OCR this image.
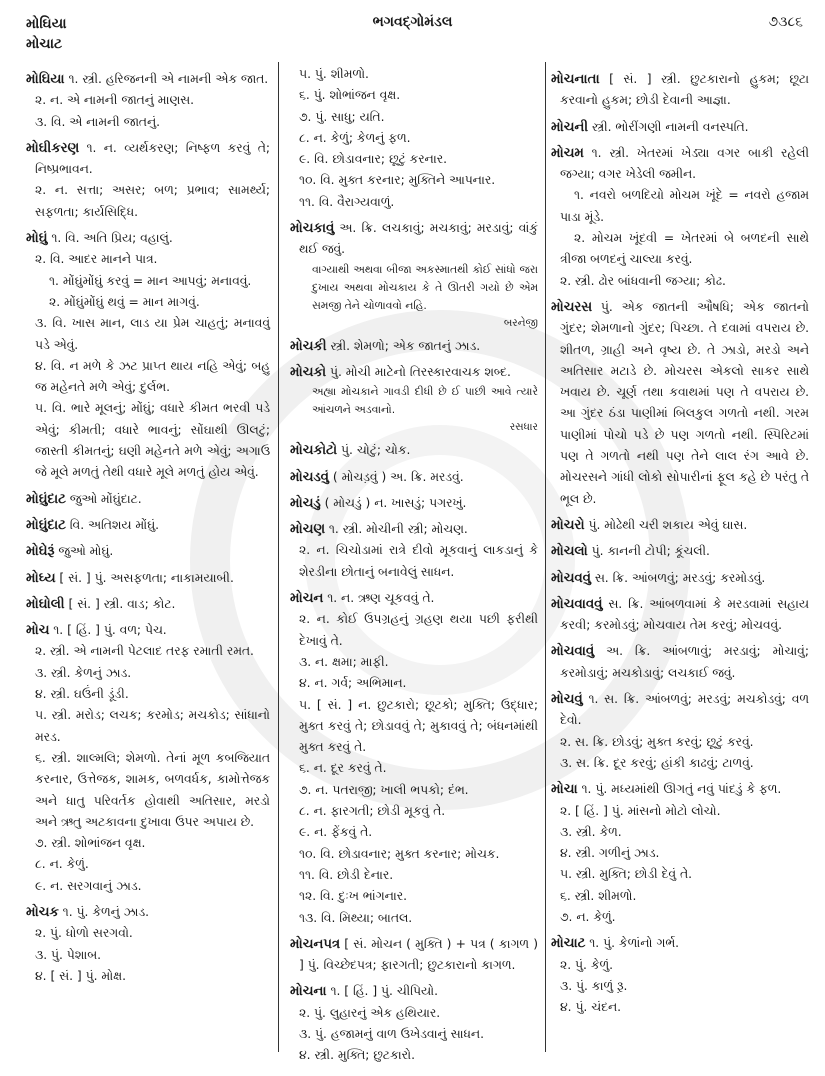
મોઘિયા
મોચાટ
ભગવદ્ગોમંડલ	૭૩૮૬

મોઘિયા ૧. સ્ત્રી. હરિજનની એ નામની એક જાત.

૨. ન. એ નામની જાતનું માણસ.

૩. વિ. એ નામની જાતનું.

મોઘીકરણ ૧. ન. વ્યર્થકરણ; નિષ્ફળ કરવું તે; નિષ્પ્રભાવન.

૨. ન. સત્તા; અસર; બળ; પ્રભાવ; સામર્થ્ય; સફળતા; કાર્યસિદ્ધિ.

મોઘું ૧. વિ. અતિ પ્રિય; વહાલું.

૨. વિ. આદર માનને પાત્ર.

૧. મોંઘુંમોંઘું કરવું = માન આપવું; મનાવવું.

૨. મોંઘુંમોંઘું થવું = માન માગવું.

૩. વિ. ખાસ માન, લાડ યા પ્રેમ ચાહતું; મનાવવું પડે એવું.

૪. વિ. ન મળે કે ઝટ પ્રાપ્ત થાય નહિ એવું; બહુ જ મહેનતે મળે એવું; દુર્લભ.

૫. વિ. ભારે મૂલનું; મોંઘું; વધારે કીમત ભરવી પડે એવું; કીમતી; વધારે ભાવનું; સોંઘાથી ઊલટું; જાસ્તી કીમતનું; ઘણી મહેનતે મળે એવું; અગાઉ જે મૂલે મળતું તેથી વધારે મૂલે મળતું હોય એવું.

મોઘુંદાટ જુઓ મોંઘુંદાટ.

મોઘુંદાટ વિ. અતિશય મોંઘું.

મોઘેરૂં જુઓ મોઘું.

મોઘ્ય [ સં. ] પું. અસફળતા; નાકામયાબી.

મોઘોલી [ સં. ] સ્ત્રી. વાડ; કોટ.

મોચ ૧. [ હિં. ] પું. વળ; પેચ.

૨. સ્ત્રી. એ નામની પેટલાદ તરફ રમાતી રમત.

૩. સ્ત્રી. કેળનું ઝાડ.

૪. સ્ત્રી. ઘઉંની ડૂંડી.

૫. સ્ત્રી. મરોડ; લચક; કરમોડ; મચકોડ; સાંધાનો મરડ.

૬. સ્ત્રી. શાલ્મલિ; શેમળો. તેનાં મૂળ કબજિયાત કરનાર, ઉત્તેજક, શામક, બળવર્ધક, કામોત્તેજક અને ધાતુ પરિવર્તક હોવાથી અતિસાર, મરડો અને ઋતુ અટકાવના દુખાવા ઉપર અપાય છે.

૭. સ્ત્રી. શોભાંજન વૃક્ષ.

૮. ન. કેળું.

૯. ન. સરગવાનું ઝાડ.

મોચક ૧. પું. કેળનું ઝાડ.

૨. પું. ધોળો સરગવો.

૩. પું. પેશાબ.

૪. [ સં. ] પું. મોક્ષ.

૫. પું. શીમળો.

૬. પું. શોભાંજન વૃક્ષ.

૭. પું. સાધુ; યતિ.

૮. ન. કેળું; કેળનું ફળ.

૯. વિ. છોડાવનાર; છૂટું કરનાર.

૧૦. વિ. મુક્ત કરનાર; મુક્તિને આપનાર.

૧૧. વિ. વૈરાગ્યવાળું.

મોચકાવું અ. ક્રિ. લચકાવું; મચકાવું; મરડાવું; વાંકું થઈ જવું.

વાગ્યાથી અથવા બીજા અકસ્માતથી કોઈ સાંધો જરા દુખાય અથવા મોચકાય કે તે ઊતરી ગયો છે એમ સમજી તેને ચોળાવવો નહિ.

બરનેજી

મોચકી સ્ત્રી. શેમળો; એક જાતનું ઝાડ.

મોચકો પું. મોચી માટેનો તિરસ્કારવાચક શબ્દ.

અહ્યા મોચકાને ગાવડી દીધી છે ઈ પાછી આવે ત્યારે આંચળને અડવાનો.

રસધાર

મોચકોટો પું. ચોટું; ચોક.

મોચડવું ( મોચડ઼વું ) અ. ક્રિ. મરડવું.

મોચડું ( મોચડું ) ન. ખાસડું; પગરખું.

મોચણ ૧. સ્ત્રી. મોચીની સ્ત્રી; મોચણ.

૨. ન. ચિચોડામાં રાત્રે દીવો મૂકવાનું લાકડાનું કે શેરડીના છોતાનું બનાવેલું સાધન.

મોચન ૧. ન. ઋણ ચૂકવવું તે.

૨. ન. કોઈ ઉપગ્રહનું ગ્રહણ થયા પછી ફરીથી દેખાવું તે.

૩. ન. ક્ષમા; માફી.

૪. ન. ગર્વ; અભિમાન.

૫. [ સં. ] ન. છુટકારો; છૂટકો; મુક્તિ; ઉદ્ધાર; મુક્ત કરવું તે; છોડાવવું તે; મુકાવવું તે; બંધનમાંથી મુક્ત કરવું તે.

૬. ન. દૂર કરવું તે.

૭. ન. પતરાજી; ખાલી ભપકો; દંભ.

૮. ન. ફારગતી; છોડી મૂકવું તે.

૯. ન. ફેંકવું તે.

૧૦. વિ. છોડાવનાર; મુક્ત કરનાર; મોચક.

૧૧. વિ. છોડી દેનાર.

૧૨. વિ. દુઃખ ભાંગનાર.

૧૩. વિ. મિથ્યા; બાતલ.

મોચનપત્ર [ સં. મોચન ( મુક્તિ ) + પત્ર ( કાગળ ) ] પું. વિચ્છેદપત્ર; ફારગતી; છુટકારાનો કાગળ.

મોચના ૧. [ હિં. ] પું. ચીપિયો.

૨. પું. લુહારનું એક હથિયાર.

૩. પું. હજામનું વાળ ઉખેડવાનું સાધન.

૪. સ્ત્રી. મુક્તિ; છુટકારો.

મોચનાતા [ સં. ] સ્ત્રી. છુટકારાનો હુકમ; છૂટા કરવાનો હુકમ; છોડી દેવાની આજ્ઞા.

મોચની સ્ત્રી. ભોરીંગણી નામની વનસ્પતિ.

મોચમ ૧. સ્ત્રી. ખેતરમાં ખેડ્યા વગર બાકી રહેલી જગ્યા; વગર ખેડેલી જમીન.

૧. નવરો બળદિયો મોચમ ખૂંદે = નવરો હજામ પાડા મૂંડે.

૨. મોચમ ખૂંદવી = ખેતરમાં બે બળદની સાથે ત્રીજા બળદનું ચાલ્યા કરવું.

૨. સ્ત્રી. ઢોર બાંધવાની જગ્યા; કોઢ.

મોચરસ પું. એક જાતની ઔષધિ; એક જાતનો ગુંદર; શેમળાનો ગુંદર; પિચ્છા. તે દવામાં વપરાય છે. શીતળ, ગ્રાહી અને વૃષ્ય છે. તે ઝાડો, મરડો અને અતિસાર મટાડે છે. મોચરસ એકલો સાકર સાથે ખવાય છે. ચૂર્ણ તથા કવાથમાં પણ તે વપરાય છે. આ ગુંદર ઠંડા પાણીમાં બિલકુલ ગળતો નથી. ગરમ પાણીમાં પોચો પડે છે પણ ગળતો નથી. સ્પિરિટમાં પણ તે ગળતો નથી પણ તેને લાલ રંગ આવે છે. મોચરસને ગાંધી લોકો સોપારીનાં ફૂલ કહે છે પરંતુ તે ભૂલ છે.

મોચરો પું. મોઢેથી ચરી શકાય એવું ઘાસ.

મોચલો પું. કાનની ટોપી; કૂંચલી.

મોચવવું સ. ક્રિ. આંબળવું; મરડવું; કરમોડવું.

મોચવાવવું સ. ક્રિ. આંબળવામાં કે મરડવામાં સહાય કરવી; કરમોડવું; મોચવાય તેમ કરવું; મોચવવું.

મોચવાવું અ. ક્રિ. આંબળાવું; મરડાવું; મોચાવું; કરમોડાવું; મચકોડાવું; લચકાઈ જવું.

મોચવું ૧. સ. ક્રિ. આંબળવું; મરડવું; મચકોડવું; વળ દેવો.

૨. સ. ક્રિ. છોડવું; મુક્ત કરવું; છૂટું કરવું.

૩. સ. ક્રિ. દૂર કરવું; હાંકી કાઢવું; ટાળવું.

મોચા ૧. પું. મધ્યમાંથી ઊગતું નવું પાંદડું કે ફળ.

૨. [ હિં. ] પું. માંસનો મોટો લોચો.

૩. સ્ત્રી. કેળ.

૪. સ્ત્રી. ગળીનું ઝાડ.

૫. સ્ત્રી. મુક્તિ; છોડી દેવું તે.

૬. સ્ત્રી. શીમળો.

૭. ન. કેળું.

મોચાટ ૧. પું. કેળાંનો ગર્ભ.

૨. પું. કેળું.

૩. પું. કાળું રૂ઼.

૪. પું. ચંદન.
